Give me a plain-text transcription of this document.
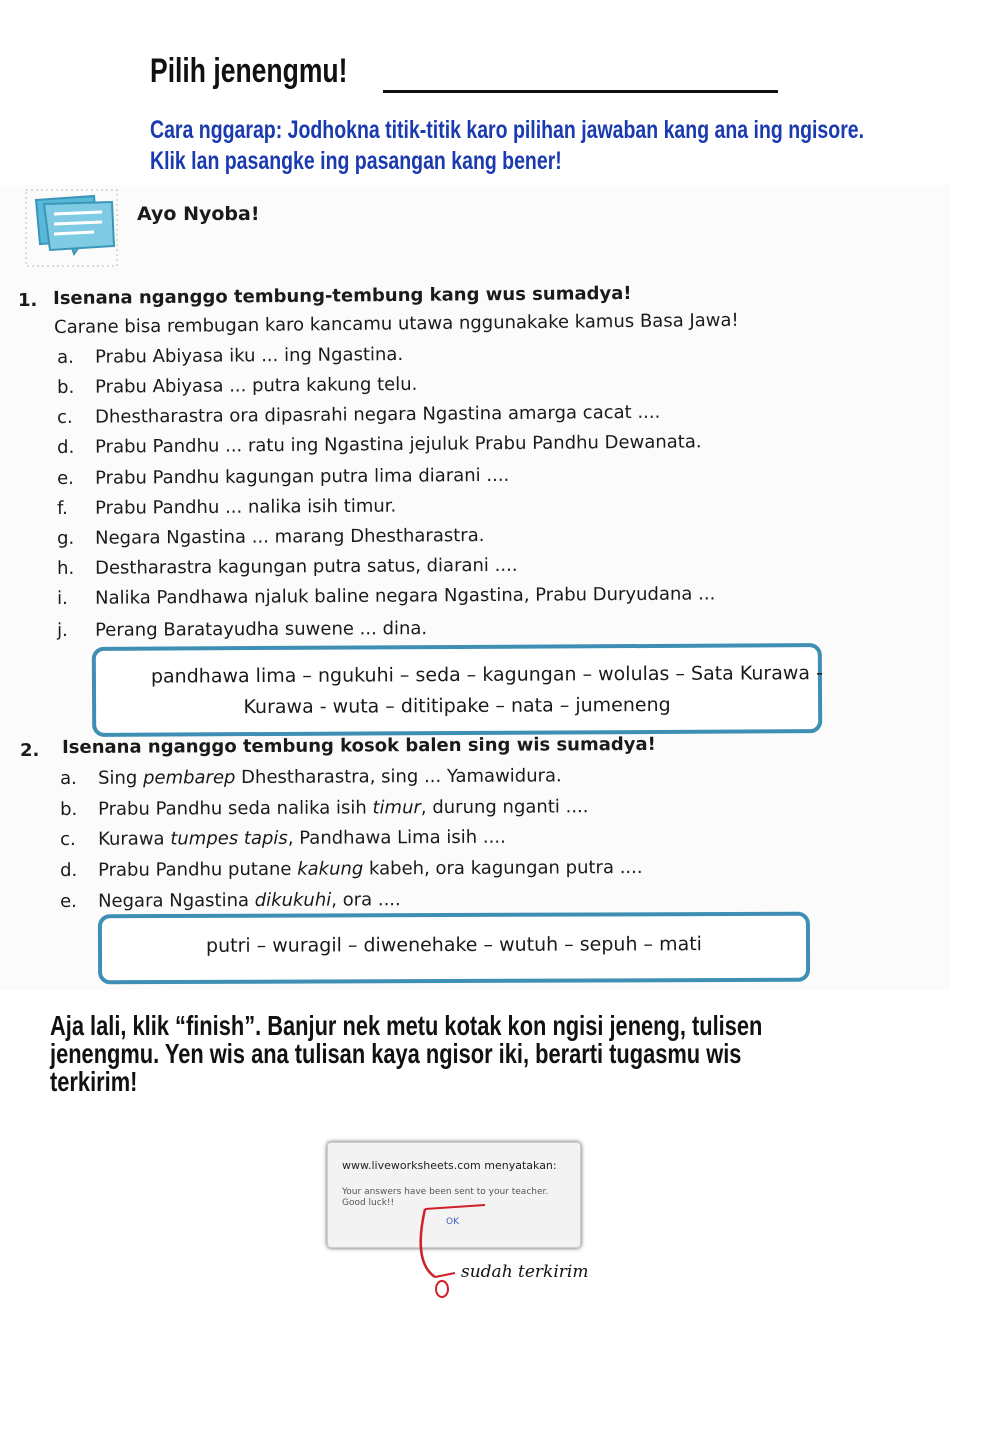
Pilih jenengmu!
Cara nggarap: Jodhokna titik-titik karo pilihan jawaban kang ana ing ngisore.
Klik lan pasangke ing pasangan kang bener!
Ayo Nyoba!
1. Isenana nganggo tembung-tembung kang wus sumadya!
Carane bisa rembugan karo kancamu utawa nggunakake kamus Basa Jawa!
a. Prabu Abiyasa iku ... ing Ngastina.
b. Prabu Abiyasa ... putra kakung telu.
c. Dhestharastra ora dipasrahi negara Ngastina amarga cacat ....
d. Prabu Pandhu ... ratu ing Ngastina jejuluk Prabu Pandhu Dewanata.
e. Prabu Pandhu kagungan putra lima diarani ....
f. Prabu Pandhu ... nalika isih timur.
g. Negara Ngastina ... marang Dhestharastra.
h. Destharastra kagungan putra satus, diarani ....
i. Nalika Pandhawa njaluk baline negara Ngastina, Prabu Duryudana ...
j. Perang Baratayudha suwene ... dina.
pandhawa lima – ngukuhi – seda – kagungan – wolulas – Sata Kurawa -
Kurawa - wuta – dititipake – nata – jumeneng
2. Isenana nganggo tembung kosok balen sing wis sumadya!
a. Sing pembarep Dhestharastra, sing ... Yamawidura.
b. Prabu Pandhu seda nalika isih timur, durung nganti ....
c. Kurawa tumpes tapis, Pandhawa Lima isih ....
d. Prabu Pandhu putane kakung kabeh, ora kagungan putra ....
e. Negara Ngastina dikukuhi, ora ....
putri – wuragil – diwenehake – wutuh – sepuh – mati
Aja lali, klik “finish”. Banjur nek metu kotak kon ngisi jeneng, tulisen
jenengmu. Yen wis ana tulisan kaya ngisor iki, berarti tugasmu wis
terkirim!
www.liveworksheets.com menyatakan:
Your answers have been sent to your teacher.
Good luck!!
OK
sudah terkirim
